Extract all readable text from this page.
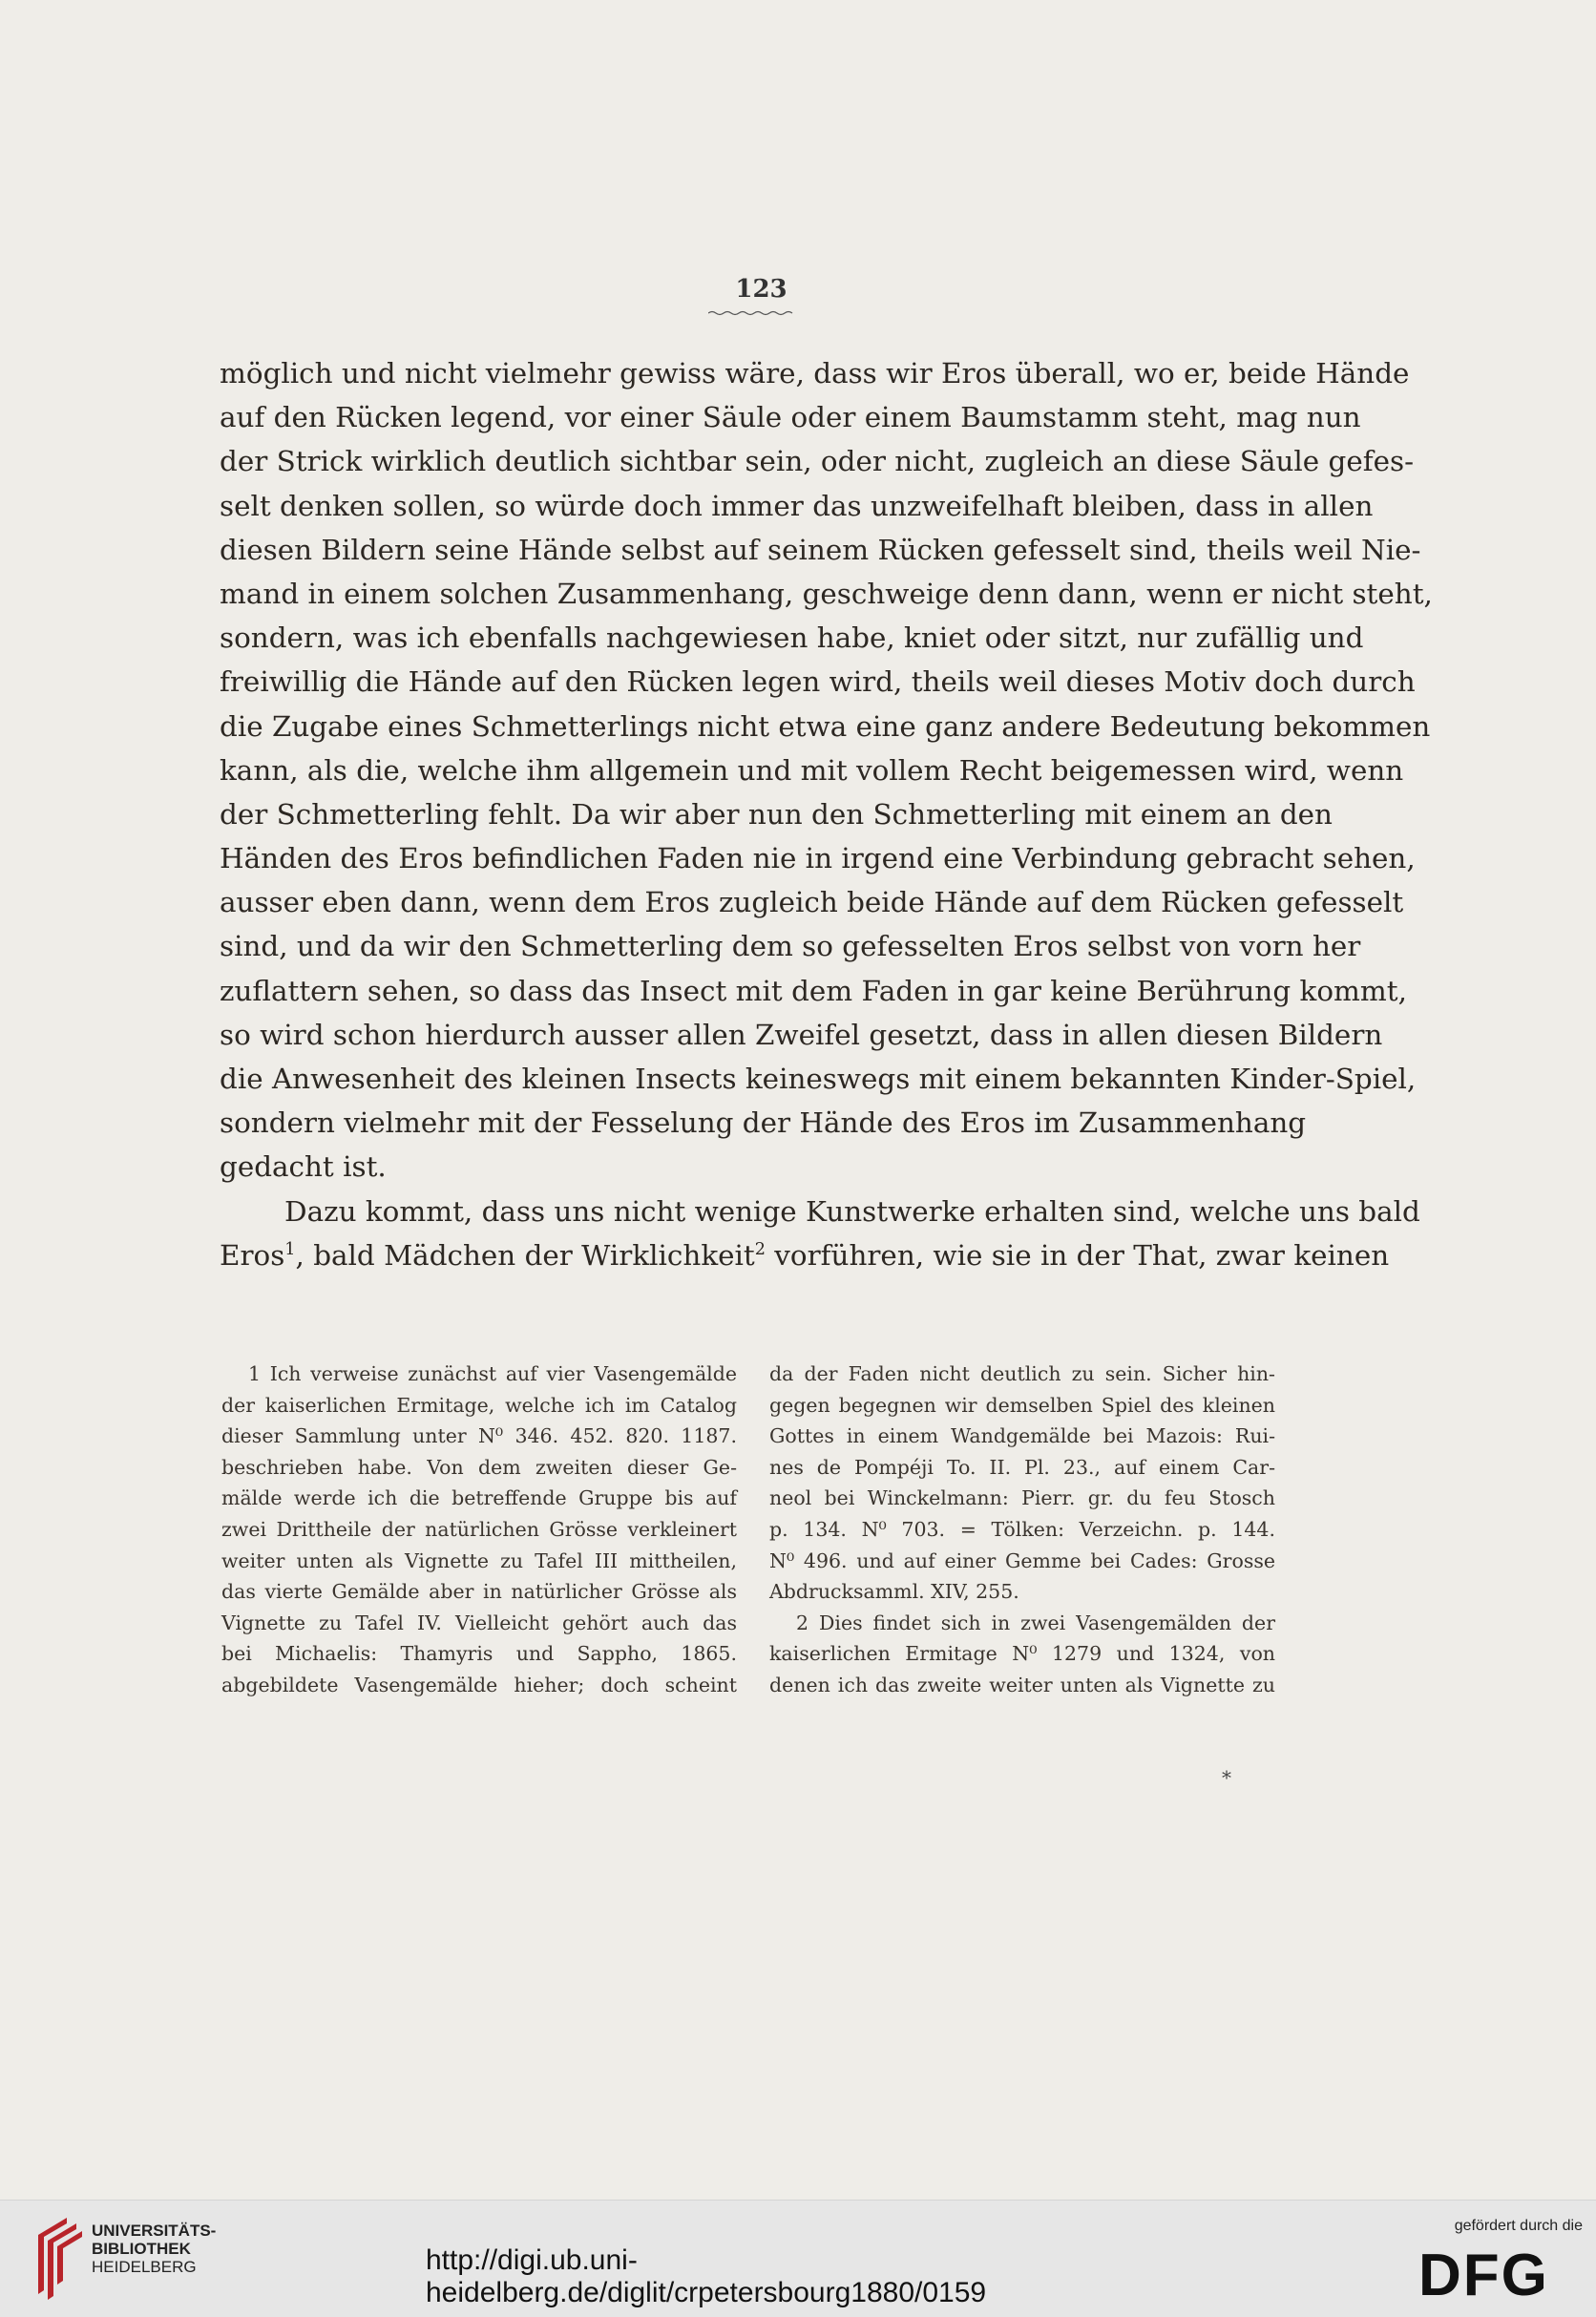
123
möglich und nicht vielmehr gewiss wäre, dass wir Eros überall, wo er, beide Hände
auf den Rücken legend, vor einer Säule oder einem Baumstamm steht, mag nun
der Strick wirklich deutlich sichtbar sein, oder nicht, zugleich an diese Säule gefes-
selt denken sollen, so würde doch immer das unzweifelhaft bleiben, dass in allen
diesen Bildern seine Hände selbst auf seinem Rücken gefesselt sind, theils weil Nie-
mand in einem solchen Zusammenhang, geschweige denn dann, wenn er nicht steht,
sondern, was ich ebenfalls nachgewiesen habe, kniet oder sitzt, nur zufällig und
freiwillig die Hände auf den Rücken legen wird, theils weil dieses Motiv doch durch
die Zugabe eines Schmetterlings nicht etwa eine ganz andere Bedeutung bekommen
kann, als die, welche ihm allgemein und mit vollem Recht beigemessen wird, wenn
der Schmetterling fehlt. Da wir aber nun den Schmetterling mit einem an den
Händen des Eros befindlichen Faden nie in irgend eine Verbindung gebracht sehen,
ausser eben dann, wenn dem Eros zugleich beide Hände auf dem Rücken gefesselt
sind, und da wir den Schmetterling dem so gefesselten Eros selbst von vorn her
zuflattern sehen, so dass das Insect mit dem Faden in gar keine Berührung kommt,
so wird schon hierdurch ausser allen Zweifel gesetzt, dass in allen diesen Bildern
die Anwesenheit des kleinen Insects keineswegs mit einem bekannten Kinder-Spiel,
sondern vielmehr mit der Fesselung der Hände des Eros im Zusammenhang
gedacht ist.
Dazu kommt, dass uns nicht wenige Kunstwerke erhalten sind, welche uns bald
Eros$^1$, bald Mädchen der Wirklichkeit$^2$ vorführen, wie sie in der That, zwar keinen
1 Ich verweise zunächst auf vier Vasengemälde
der kaiserlichen Ermitage, welche ich im Catalog
dieser Sammlung unter N⁰ 346. 452. 820. 1187.
beschrieben habe. Von dem zweiten dieser Ge-
mälde werde ich die betreffende Gruppe bis auf
zwei Drittheile der natürlichen Grösse verkleinert
weiter unten als Vignette zu Tafel III mittheilen,
das vierte Gemälde aber in natürlicher Grösse als
Vignette zu Tafel IV. Vielleicht gehört auch das
bei Michaelis: Thamyris und Sappho, 1865.
abgebildete Vasengemälde hieher; doch scheint
da der Faden nicht deutlich zu sein. Sicher hin-
gegen begegnen wir demselben Spiel des kleinen
Gottes in einem Wandgemälde bei Mazois: Rui-
nes de Pompéji To. II. Pl. 23., auf einem Car-
neol bei Winckelmann: Pierr. gr. du feu Stosch
p. 134. N⁰ 703. = Tölken: Verzeichn. p. 144.
N⁰ 496. und auf einer Gemme bei Cades: Grosse
Abdrucksamml. XIV, 255.
2 Dies findet sich in zwei Vasengemälden der
kaiserlichen Ermitage N⁰ 1279 und 1324, von
denen ich das zweite weiter unten als Vignette zu
*
UNIVERSITÄTS-
BIBLIOTHEK
HEIDELBERG	http://digi.ub.uni-heidelberg.de/diglit/crpetersbourg1880/0159
gefördert durch die
DFG
